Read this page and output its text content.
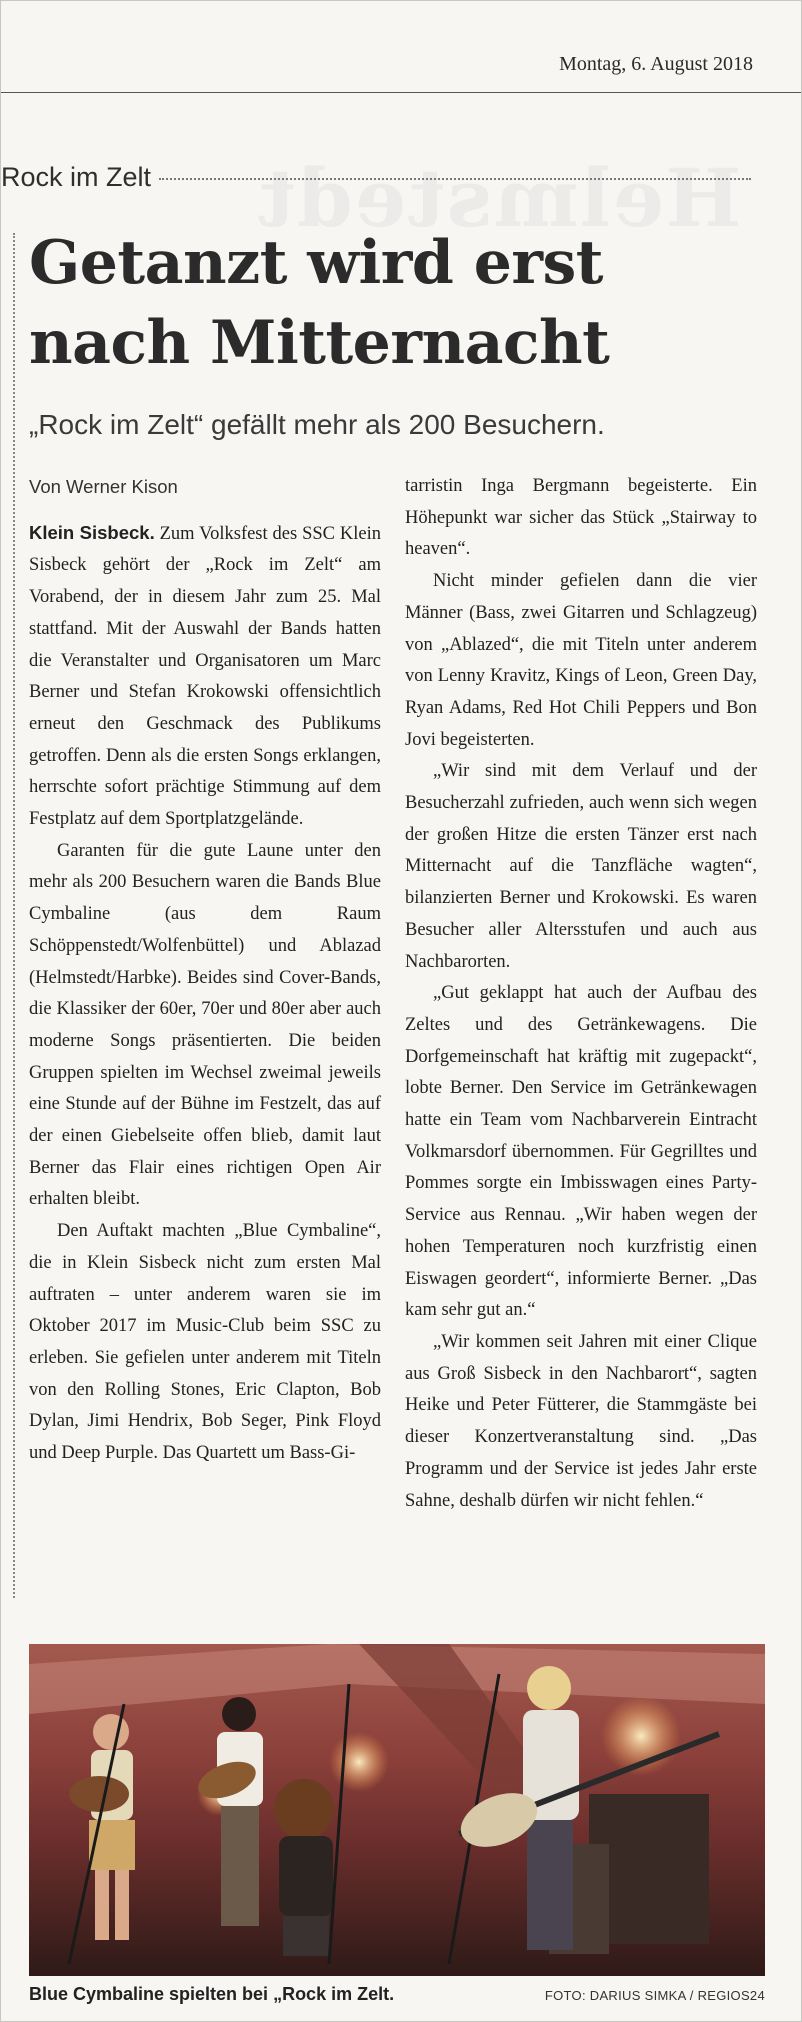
Helmstedt
Montag, 6. August 2018
Rock im Zelt
Getanzt wird erst
nach Mitternacht
„Rock im Zelt“ gefällt mehr als 200 Besuchern.

Von Werner Kison

Klein Sisbeck. Zum Volksfest des SSC Klein Sisbeck gehört der „Rock im Zelt“ am Vorabend, der in diesem Jahr zum 25. Mal stattfand. Mit der Auswahl der Bands hatten die Veranstalter und Organisatoren um Marc Berner und Stefan Krokowski offensichtlich erneut den Geschmack des Publikums getroffen. Denn als die ersten Songs erklangen, herrschte sofort prächtige Stimmung auf dem Festplatz auf dem Sportplatzgelände.

Garanten für die gute Laune unter den mehr als 200 Besuchern waren die Bands Blue Cymbaline (aus dem Raum Schöppenstedt/Wolfenbüttel) und Ablazad (Helmstedt/Harbke). Beides sind Cover-Bands, die Klassiker der 60er, 70er und 80er aber auch moderne Songs präsentierten. Die beiden Gruppen spielten im Wechsel zweimal jeweils eine Stunde auf der Bühne im Festzelt, das auf der einen Giebelseite offen blieb, damit laut Berner das Flair eines richtigen Open Air erhalten bleibt.

Den Auftakt machten „Blue Cymbaline“, die in Klein Sisbeck nicht zum ersten Mal auftraten – unter anderem waren sie im Oktober 2017 im Music-Club beim SSC zu erleben. Sie gefielen unter anderem mit Titeln von den Rolling Stones, Eric Clapton, Bob Dylan, Jimi Hendrix, Bob Seger, Pink Floyd und Deep Purple. Das Quartett um Bass-Gi-

tarristin Inga Bergmann begeisterte. Ein Höhepunkt war sicher das Stück „Stairway to heaven“.

Nicht minder gefielen dann die vier Männer (Bass, zwei Gitarren und Schlagzeug) von „Ablazed“, die mit Titeln unter anderem von Lenny Kravitz, Kings of Leon, Green Day, Ryan Adams, Red Hot Chili Peppers und Bon Jovi begeisterten.

„Wir sind mit dem Verlauf und der Besucherzahl zufrieden, auch wenn sich wegen der großen Hitze die ersten Tänzer erst nach Mitternacht auf die Tanzfläche wagten“, bilanzierten Berner und Krokowski. Es waren Besucher aller Altersstufen und auch aus Nachbarorten.

„Gut geklappt hat auch der Aufbau des Zeltes und des Getränkewagens. Die Dorfgemeinschaft hat kräftig mit zugepackt“, lobte Berner. Den Service im Getränkewagen hatte ein Team vom Nachbarverein Eintracht Volkmarsdorf übernommen. Für Gegrilltes und Pommes sorgte ein Imbisswagen eines Party-Service aus Rennau. „Wir haben wegen der hohen Temperaturen noch kurzfristig einen Eiswagen geordert“, informierte Berner. „Das kam sehr gut an.“

„Wir kommen seit Jahren mit einer Clique aus Groß Sisbeck in den Nachbarort“, sagten Heike und Peter Fütterer, die Stammgäste bei dieser Konzertveranstaltung sind. „Das Programm und der Service ist jedes Jahr erste Sahne, deshalb dürfen wir nicht fehlen.“

Blue Cymbaline spielten bei „Rock im Zelt.	FOTO: DARIUS SIMKA / REGIOS24
